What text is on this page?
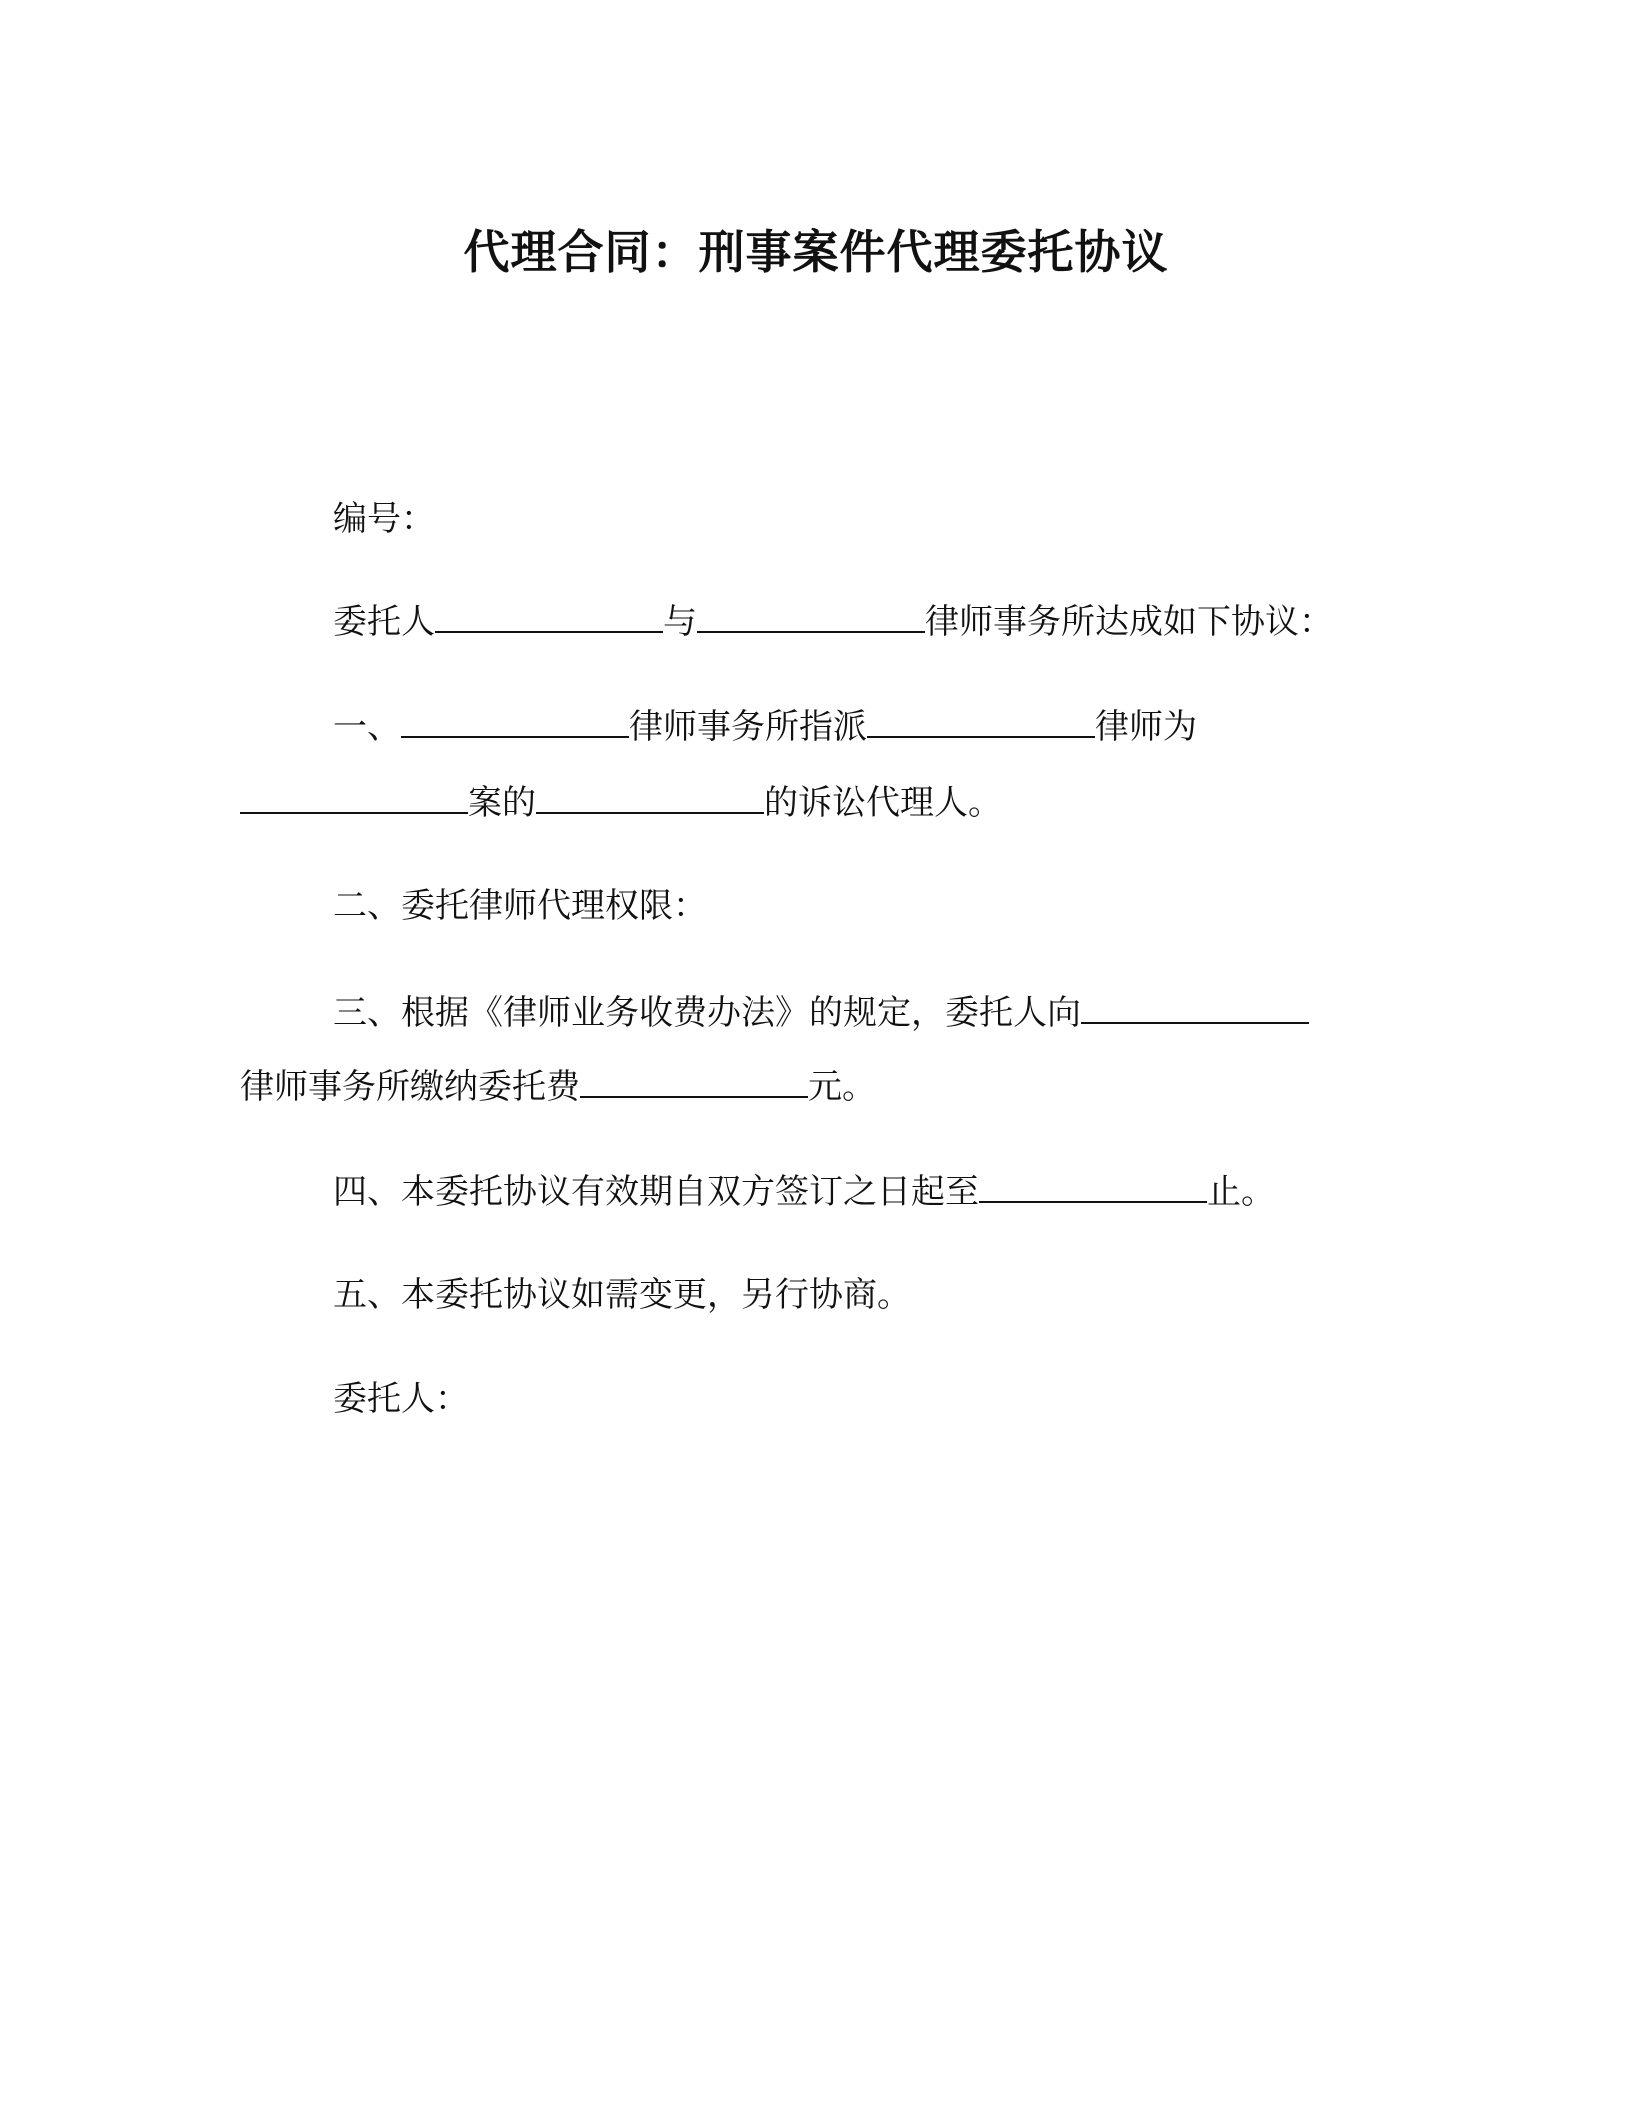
代理合同：刑事案件代理委托协议

编号：

委托人	与	律师事务所达成如下协议：

一、	律师事务所指派	律师为

案的	的诉讼代理人。

二、委托律师代理权限：

三、根据《律师业务收费办法》的规定，委托人向

律师事务所缴纳委托费	元。

四、本委托协议有效期自双方签订之日起至	止。

五、本委托协议如需变更，另行协商。

委托人：
